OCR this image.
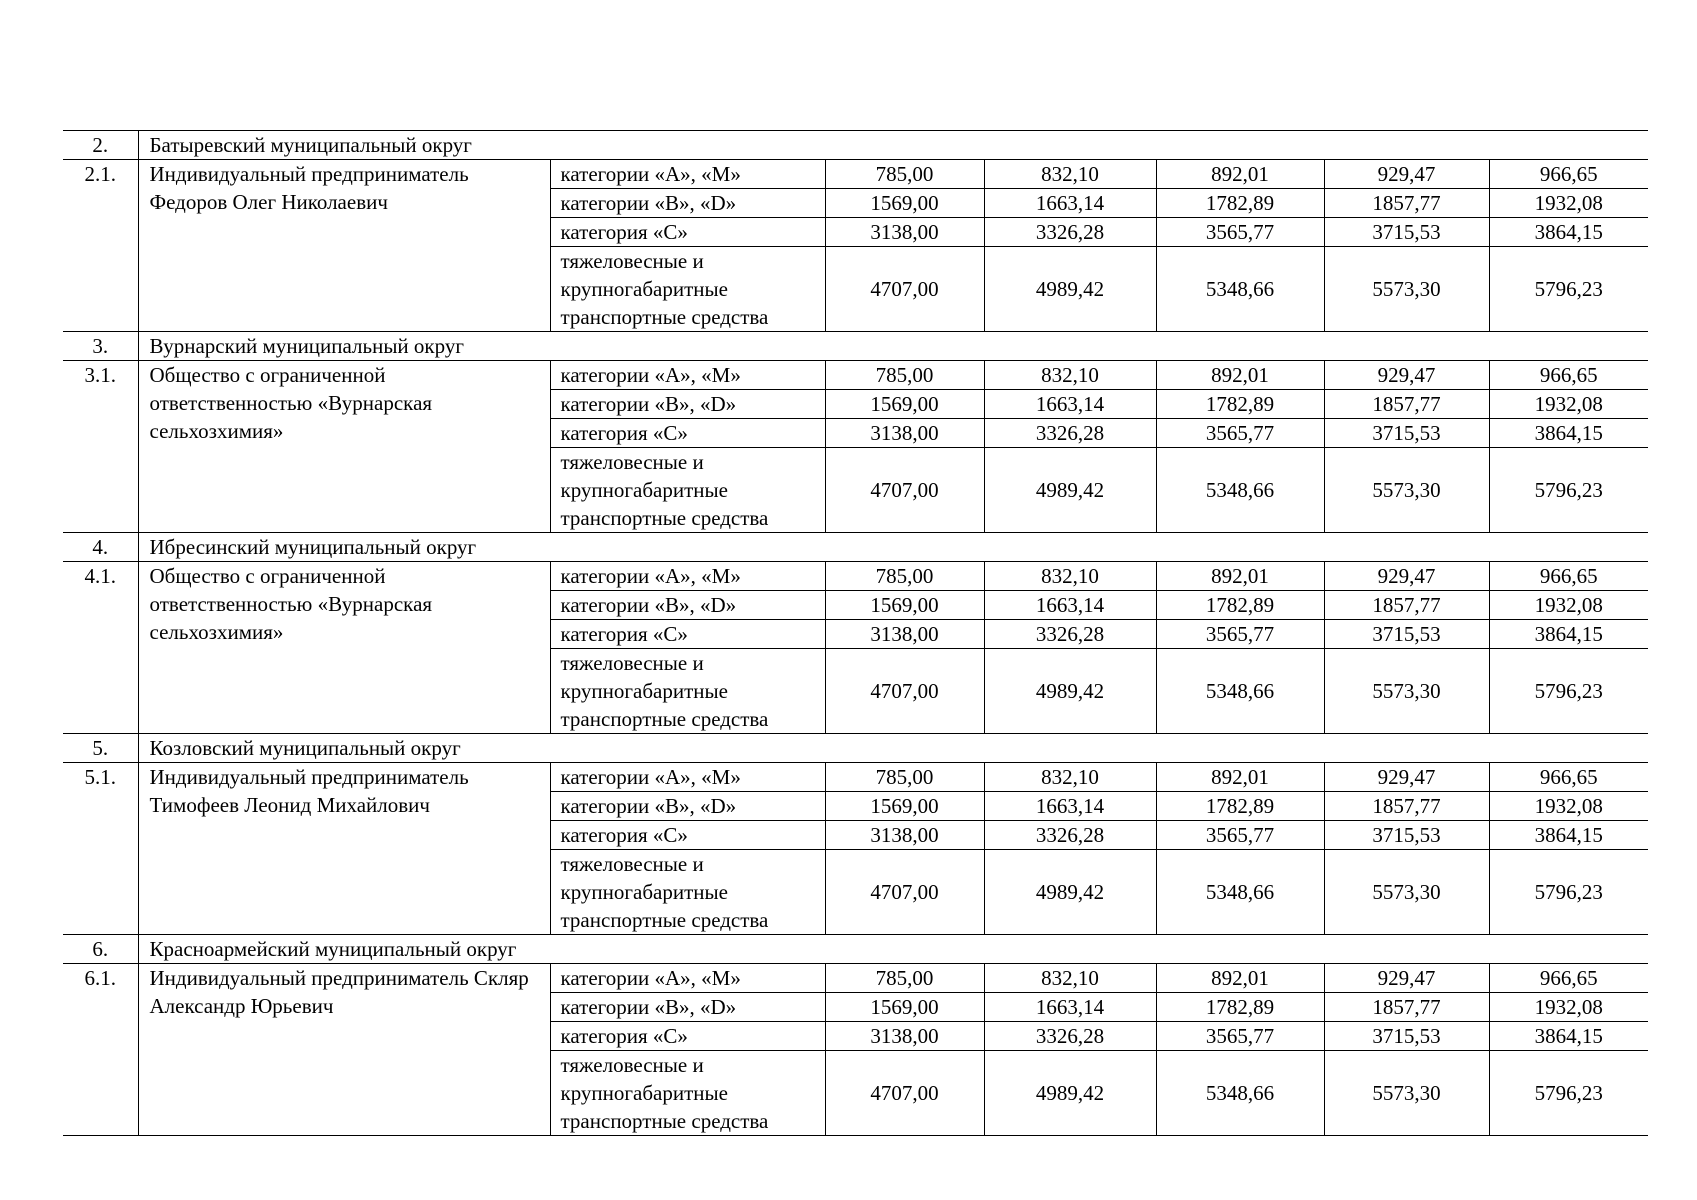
2.	Батыревский муниципальный округ						
2.1.	Индивидуальный предприниматель Федоров Олег Николаевич	категории «А», «М»	785,00	832,10	892,01	929,47	966,65
		категории «B», «D»	1569,00	1663,14	1782,89	1857,77	1932,08
		категория «С»	3138,00	3326,28	3565,77	3715,53	3864,15
		тяжеловесные и крупногабаритные транспортные средства	4707,00	4989,42	5348,66	5573,30	5796,23
3.	Вурнарский муниципальный округ						
3.1.	Общество с ограниченной ответственностью «Вурнарская сельхозхимия»	категории «А», «М»	785,00	832,10	892,01	929,47	966,65
		категории «B», «D»	1569,00	1663,14	1782,89	1857,77	1932,08
		категория «С»	3138,00	3326,28	3565,77	3715,53	3864,15
		тяжеловесные и крупногабаритные транспортные средства	4707,00	4989,42	5348,66	5573,30	5796,23
4.	Ибресинский муниципальный округ						
4.1.	Общество с ограниченной ответственностью «Вурнарская сельхозхимия»	категории «А», «М»	785,00	832,10	892,01	929,47	966,65
		категории «B», «D»	1569,00	1663,14	1782,89	1857,77	1932,08
		категория «С»	3138,00	3326,28	3565,77	3715,53	3864,15
		тяжеловесные и крупногабаритные транспортные средства	4707,00	4989,42	5348,66	5573,30	5796,23
5.	Козловский муниципальный округ						
5.1.	Индивидуальный предприниматель Тимофеев Леонид Михайлович	категории «А», «М»	785,00	832,10	892,01	929,47	966,65
		категории «B», «D»	1569,00	1663,14	1782,89	1857,77	1932,08
		категория «С»	3138,00	3326,28	3565,77	3715,53	3864,15
		тяжеловесные и крупногабаритные транспортные средства	4707,00	4989,42	5348,66	5573,30	5796,23
6.	Красноармейский муниципальный округ						
6.1.	Индивидуальный предприниматель Скляр Александр Юрьевич	категории «А», «М»	785,00	832,10	892,01	929,47	966,65
		категории «B», «D»	1569,00	1663,14	1782,89	1857,77	1932,08
		категория «С»	3138,00	3326,28	3565,77	3715,53	3864,15
		тяжеловесные и крупногабаритные транспортные средства	4707,00	4989,42	5348,66	5573,30	5796,23
